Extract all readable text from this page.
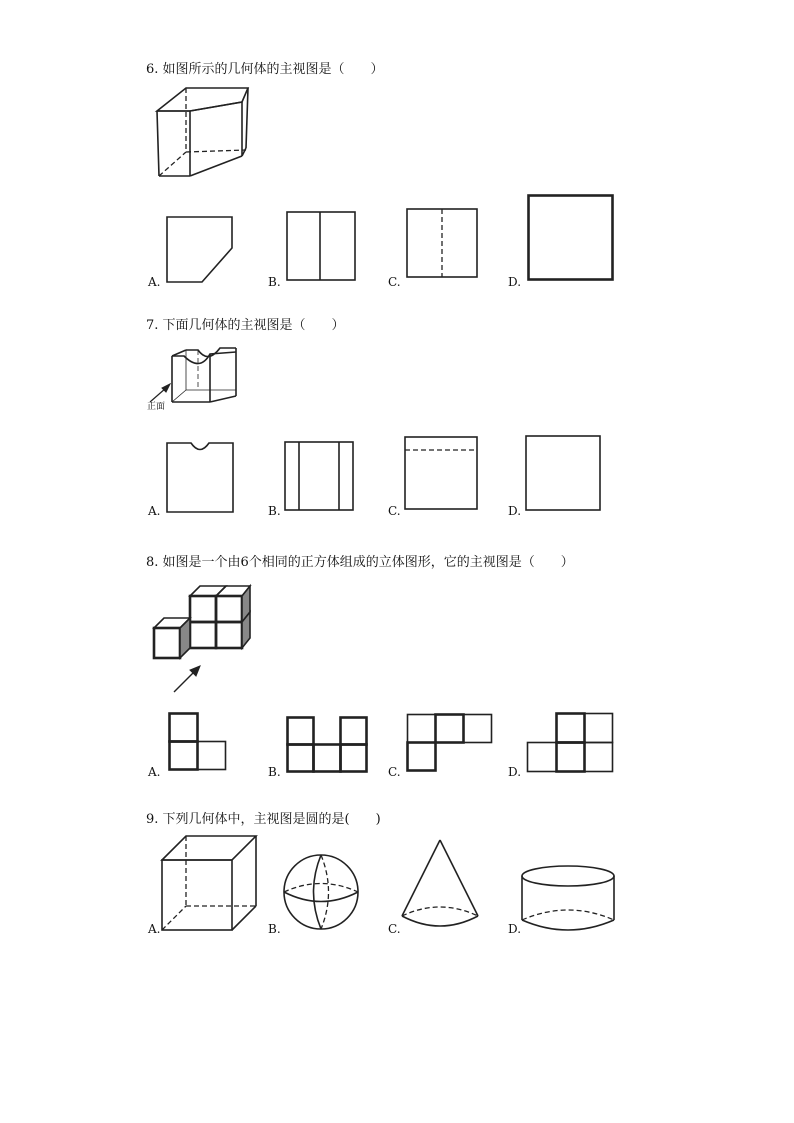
6. 如图所示的几何体的主视图是（　　）
A.	B.	C.	D.
7. 下面几何体的主视图是（　　）
正面
A.	B.	C.	D.
8. 如图是一个由6个相同的正方体组成的立体图形，它的主视图是（　　）
A.	B.	C.	D.
9. 下列几何体中，主视图是圆的是(　　)
A.	B.	C.	D.
